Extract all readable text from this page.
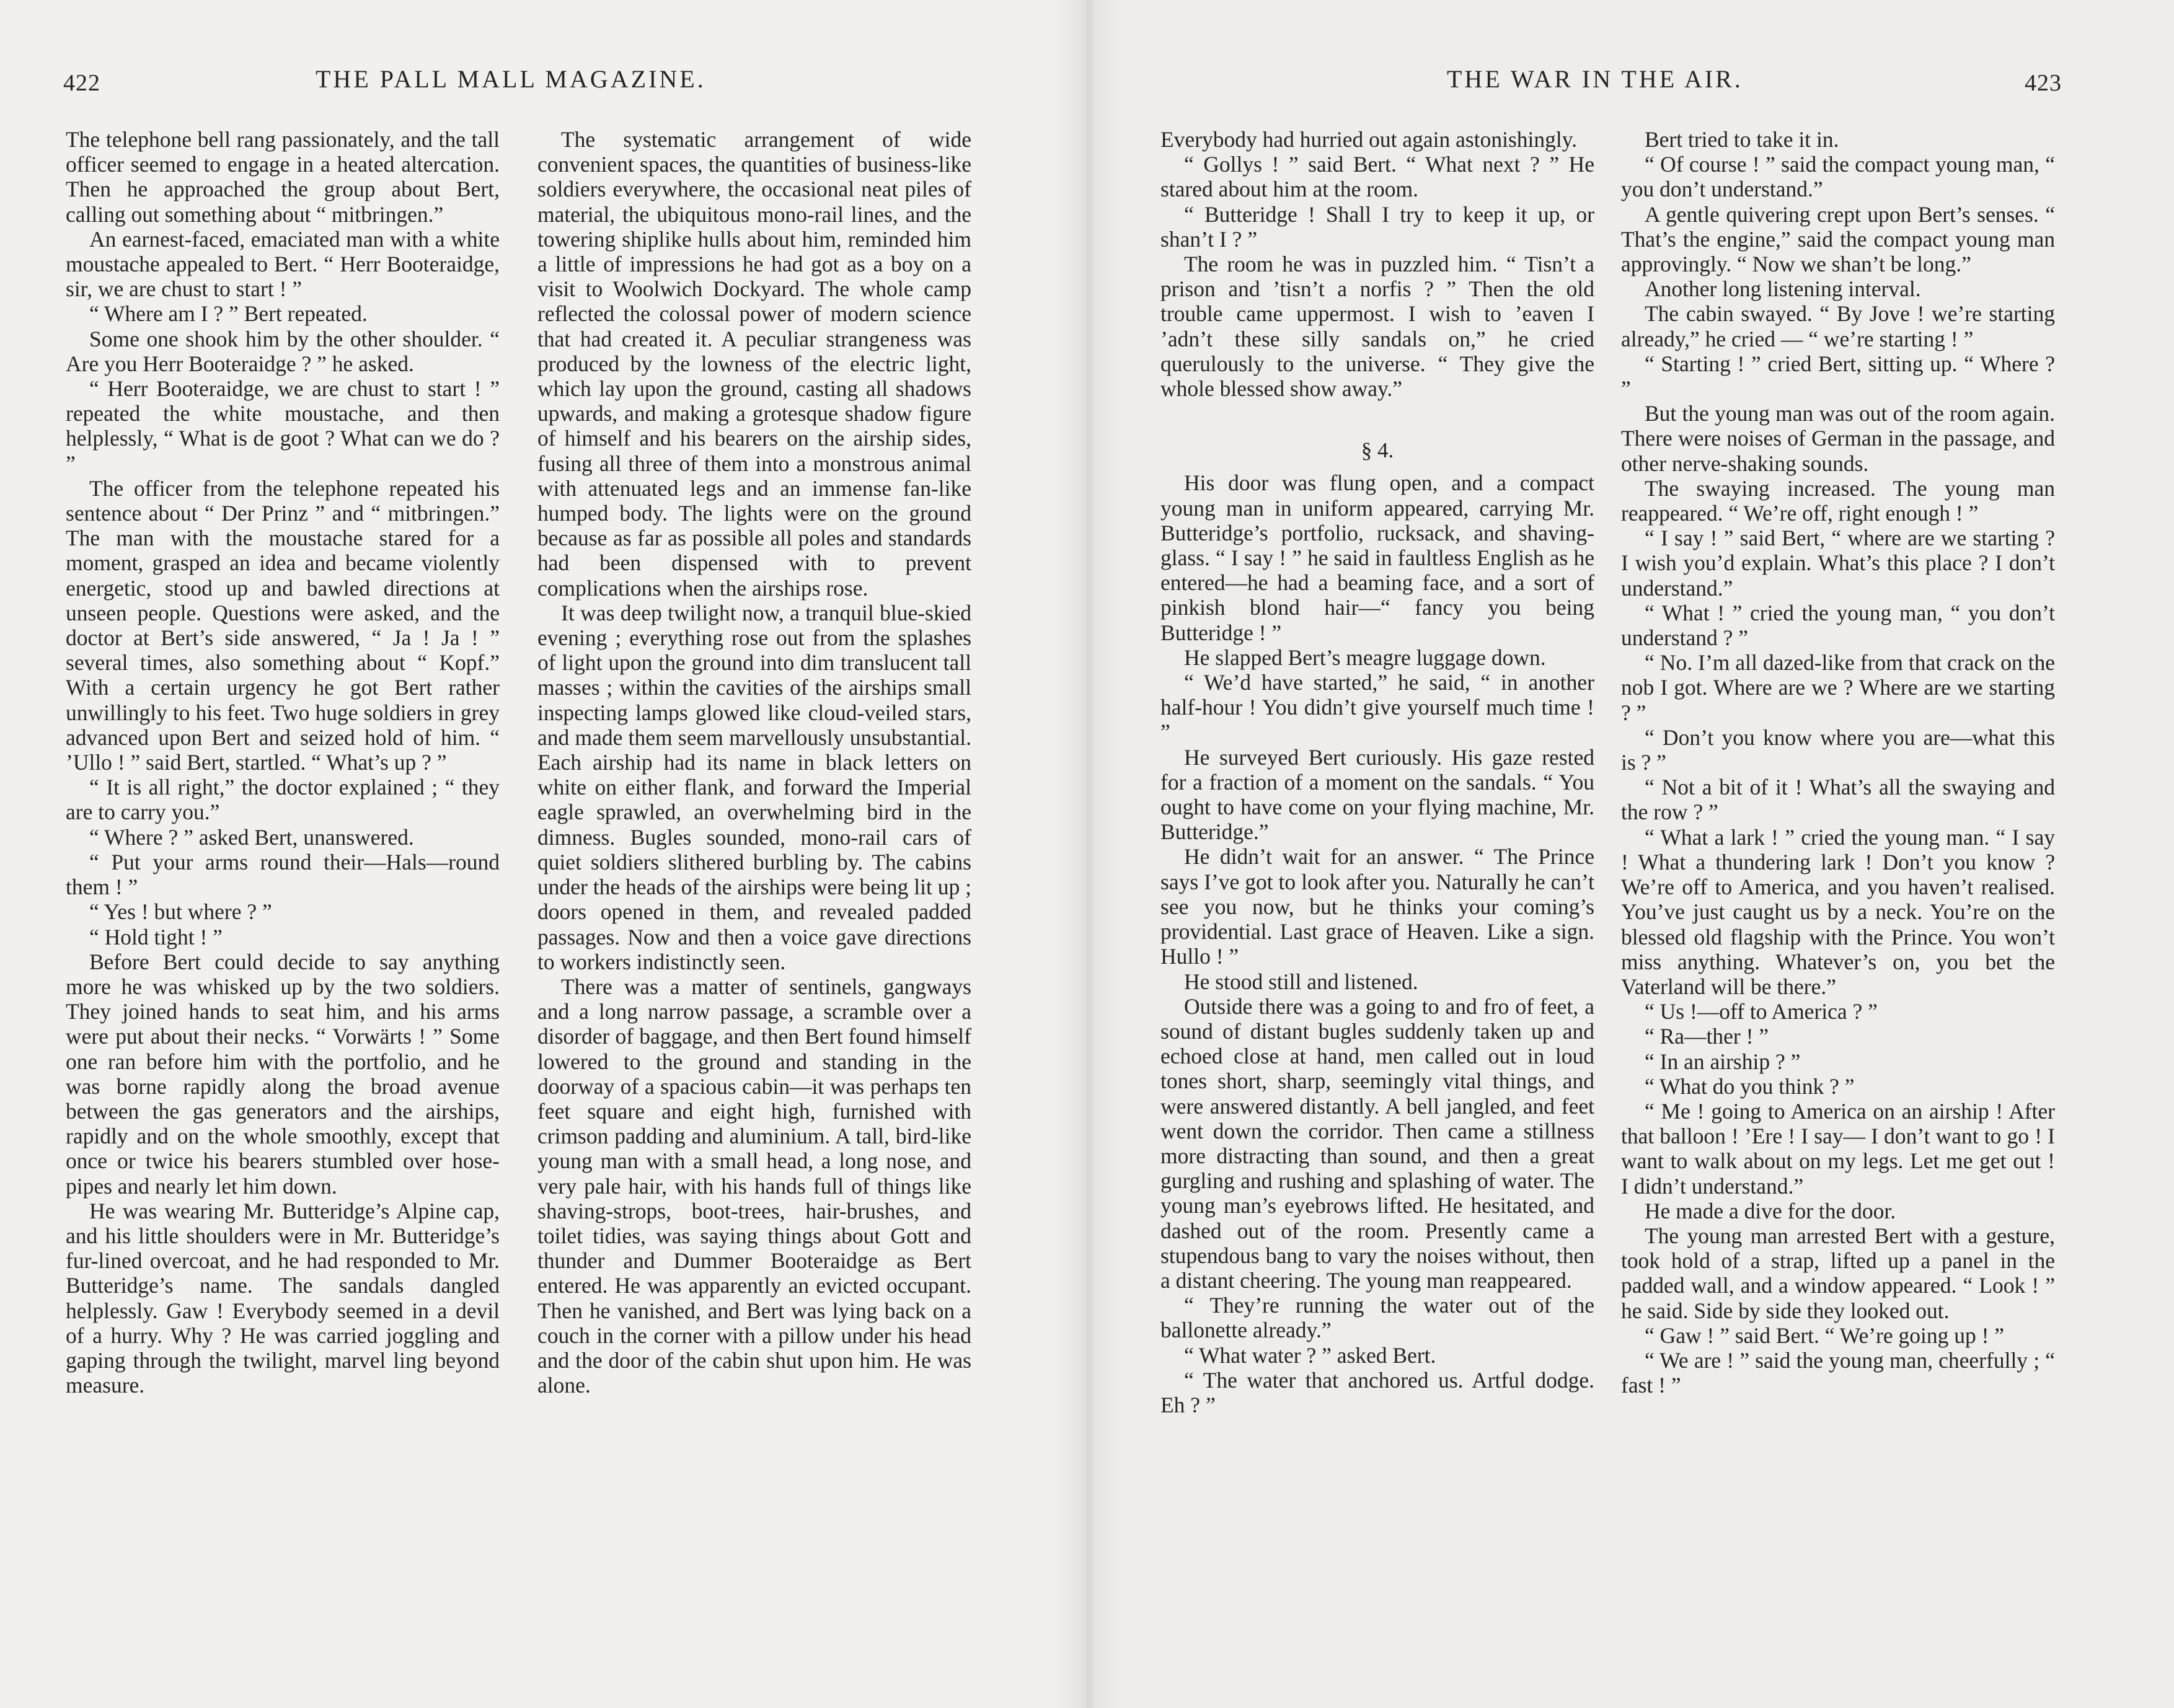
422	THE PALL MALL MAGAZINE.

The telephone bell rang passionately, and the tall officer seemed to engage in a heated altercation. Then he approached the group about Bert, calling out something about “ mitbringen.”

An earnest-faced, emaciated man with a white moustache appealed to Bert. “ Herr Booteraidge, sir, we are chust to start ! ”

“ Where am I ? ” Bert repeated.

Some one shook him by the other shoulder. “ Are you Herr Booteraidge ? ” he asked.

“ Herr Booteraidge, we are chust to start ! ” repeated the white moustache, and then helplessly, “ What is de goot ? What can we do ? ”

The officer from the telephone repeated his sentence about “ Der Prinz ” and “ mitbringen.” The man with the moustache stared for a moment, grasped an idea and became violently energetic, stood up and bawled directions at unseen people. Questions were asked, and the doctor at Bert’s side answered, “ Ja ! Ja ! ” several times, also something about “ Kopf.” With a certain urgency he got Bert rather unwillingly to his feet. Two huge soldiers in grey advanced upon Bert and seized hold of him. “ ’Ullo ! ” said Bert, startled. “ What’s up ? ”

“ It is all right,” the doctor explained ; “ they are to carry you.”

“ Where ? ” asked Bert, unanswered.

“ Put your arms round their—Hals—round them ! ”

“ Yes ! but where ? ”

“ Hold tight ! ”

Before Bert could decide to say anything more he was whisked up by the two soldiers. They joined hands to seat him, and his arms were put about their necks. “ Vorwärts ! ” Some one ran before him with the portfolio, and he was borne rapidly along the broad avenue between the gas generators and the airships, rapidly and on the whole smoothly, except that once or twice his bearers stumbled over hose-pipes and nearly let him down.

He was wearing Mr. Butteridge’s Alpine cap, and his little shoulders were in Mr. Butteridge’s fur-lined overcoat, and he had responded to Mr. Butteridge’s name. The sandals dangled helplessly. Gaw ! Everybody seemed in a devil of a hurry. Why ? He was carried joggling and gaping through the twilight, marvel ling beyond measure.

The systematic arrangement of wide convenient spaces, the quantities of business-like soldiers everywhere, the occasional neat piles of material, the ubiquitous mono-rail lines, and the towering shiplike hulls about him, reminded him a little of impressions he had got as a boy on a visit to Woolwich Dockyard. The whole camp reflected the colossal power of modern science that had created it. A peculiar strangeness was produced by the lowness of the electric light, which lay upon the ground, casting all shadows upwards, and making a grotesque shadow figure of himself and his bearers on the airship sides, fusing all three of them into a monstrous animal with attenuated legs and an immense fan-like humped body. The lights were on the ground because as far as possible all poles and standards had been dispensed with to prevent complications when the airships rose.

It was deep twilight now, a tranquil blue-skied evening ; everything rose out from the splashes of light upon the ground into dim translucent tall masses ; within the cavities of the airships small inspecting lamps glowed like cloud-veiled stars, and made them seem marvellously unsubstantial. Each airship had its name in black letters on white on either flank, and forward the Imperial eagle sprawled, an overwhelming bird in the dimness. Bugles sounded, mono-rail cars of quiet soldiers slithered burbling by. The cabins under the heads of the airships were being lit up ; doors opened in them, and revealed padded passages. Now and then a voice gave directions to workers indistinctly seen.

There was a matter of sentinels, gangways and a long narrow passage, a scramble over a disorder of baggage, and then Bert found himself lowered to the ground and standing in the doorway of a spacious cabin—it was perhaps ten feet square and eight high, furnished with crimson padding and aluminium. A tall, bird-like young man with a small head, a long nose, and very pale hair, with his hands full of things like shaving-strops, boot-trees, hair-brushes, and toilet tidies, was saying things about Gott and thunder and Dummer Booteraidge as Bert entered. He was apparently an evicted occupant. Then he vanished, and Bert was lying back on a couch in the corner with a pillow under his head and the door of the cabin shut upon him. He was alone.

THE WAR IN THE AIR.	423

Everybody had hurried out again astonishingly.

“ Gollys ! ” said Bert. “ What next ? ” He stared about him at the room.

“ Butteridge ! Shall I try to keep it up, or shan’t I ? ”

The room he was in puzzled him. “ Tisn’t a prison and ’tisn’t a norfis ? ” Then the old trouble came uppermost. I wish to ’eaven I ’adn’t these silly sandals on,” he cried querulously to the universe. “ They give the whole blessed show away.”

§ 4.

His door was flung open, and a compact young man in uniform appeared, carrying Mr. Butteridge’s portfolio, rucksack, and shaving-glass. “ I say ! ” he said in faultless English as he entered—he had a beaming face, and a sort of pinkish blond hair—“ fancy you being Butteridge ! ”

He slapped Bert’s meagre luggage down.

“ We’d have started,” he said, “ in another half-hour ! You didn’t give yourself much time ! ”

He surveyed Bert curiously. His gaze rested for a fraction of a moment on the sandals. “ You ought to have come on your flying machine, Mr. Butteridge.”

He didn’t wait for an answer. “ The Prince says I’ve got to look after you. Naturally he can’t see you now, but he thinks your coming’s providential. Last grace of Heaven. Like a sign. Hullo ! ”

He stood still and listened.

Outside there was a going to and fro of feet, a sound of distant bugles suddenly taken up and echoed close at hand, men called out in loud tones short, sharp, seemingly vital things, and were answered distantly. A bell jangled, and feet went down the corridor. Then came a stillness more distracting than sound, and then a great gurgling and rushing and splashing of water. The young man’s eyebrows lifted. He hesitated, and dashed out of the room. Presently came a stupendous bang to vary the noises without, then a distant cheering. The young man reappeared.

“ They’re running the water out of the ballonette already.”

“ What water ? ” asked Bert.

“ The water that anchored us. Artful dodge. Eh ? ”

Bert tried to take it in.

“ Of course ! ” said the compact young man, “ you don’t understand.”

A gentle quivering crept upon Bert’s senses. “ That’s the engine,” said the compact young man approvingly. “ Now we shan’t be long.”

Another long listening interval.

The cabin swayed. “ By Jove ! we’re starting already,” he cried — “ we’re starting ! ”

“ Starting ! ” cried Bert, sitting up. “ Where ? ”

But the young man was out of the room again. There were noises of German in the passage, and other nerve-shaking sounds.

The swaying increased. The young man reappeared. “ We’re off, right enough ! ”

“ I say ! ” said Bert, “ where are we starting ? I wish you’d explain. What’s this place ? I don’t understand.”

“ What ! ” cried the young man, “ you don’t understand ? ”

“ No. I’m all dazed-like from that crack on the nob I got. Where are we ? Where are we starting ? ”

“ Don’t you know where you are—what this is ? ”

“ Not a bit of it ! What’s all the swaying and the row ? ”

“ What a lark ! ” cried the young man. “ I say ! What a thundering lark ! Don’t you know ? We’re off to America, and you haven’t realised. You’ve just caught us by a neck. You’re on the blessed old flagship with the Prince. You won’t miss anything. Whatever’s on, you bet the Vaterland will be there.”

“ Us !—off to America ? ”

“ Ra—ther ! ”

“ In an airship ? ”

“ What do you think ? ”

“ Me ! going to America on an airship ! After that balloon ! ’Ere ! I say— I don’t want to go ! I want to walk about on my legs. Let me get out ! I didn’t understand.”

He made a dive for the door.

The young man arrested Bert with a gesture, took hold of a strap, lifted up a panel in the padded wall, and a window appeared. “ Look ! ” he said. Side by side they looked out.

“ Gaw ! ” said Bert. “ We’re going up ! ”

“ We are ! ” said the young man, cheerfully ; “ fast ! ”
